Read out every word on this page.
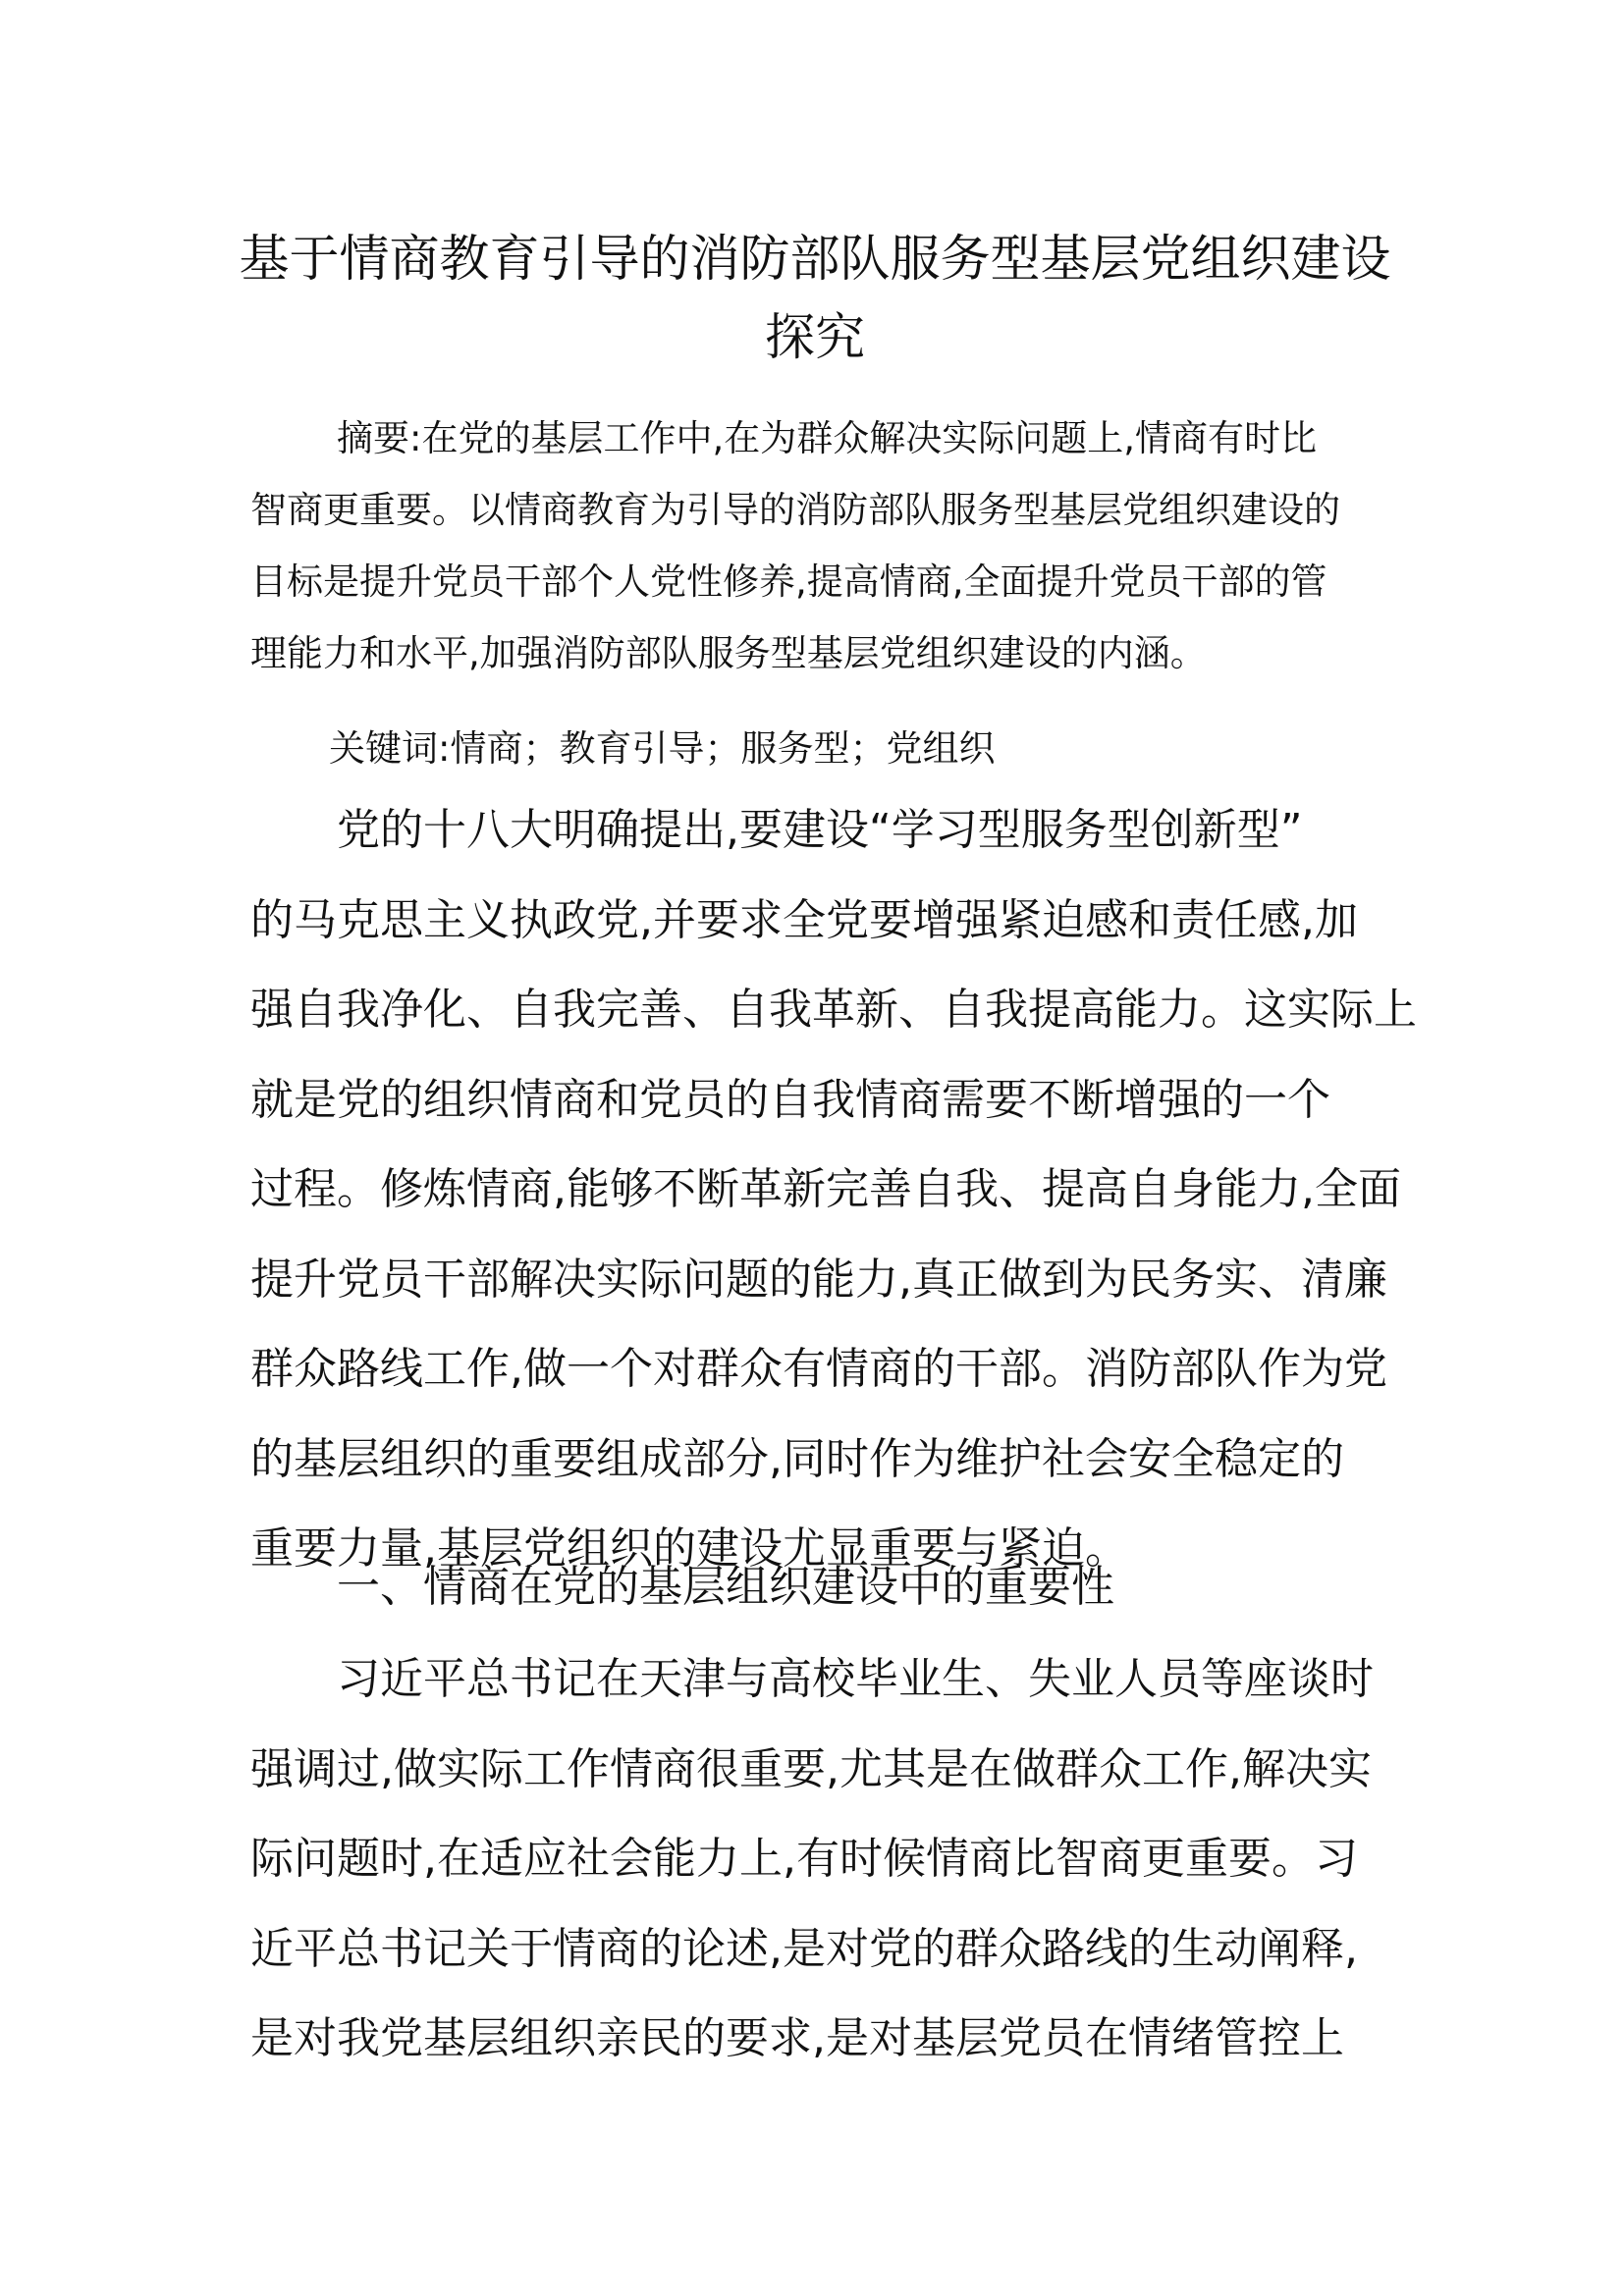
基于情商教育引导的消防部队服务型基层党组织建设
探究
摘要:在党的基层工作中,在为群众解决实际问题上,情商有时比
智商更重要。以情商教育为引导的消防部队服务型基层党组织建设的
目标是提升党员干部个人党性修养,提高情商,全面提升党员干部的管
理能力和水平,加强消防部队服务型基层党组织建设的内涵。
关键词:情商；教育引导；服务型；党组织
党的十八大明确提出,要建设“学习型服务型创新型”
的马克思主义执政党,并要求全党要增强紧迫感和责任感,加
强自我净化、自我完善、自我革新、自我提高能力。这实际上
就是党的组织情商和党员的自我情商需要不断增强的一个
过程。修炼情商,能够不断革新完善自我、提高自身能力,全面
提升党员干部解决实际问题的能力,真正做到为民务实、清廉
群众路线工作,做一个对群众有情商的干部。消防部队作为党
的基层组织的重要组成部分,同时作为维护社会安全稳定的
重要力量,基层党组织的建设尤显重要与紧迫。
一、情商在党的基层组织建设中的重要性
习近平总书记在天津与高校毕业生、失业人员等座谈时
强调过,做实际工作情商很重要,尤其是在做群众工作,解决实
际问题时,在适应社会能力上,有时候情商比智商更重要。习
近平总书记关于情商的论述,是对党的群众路线的生动阐释,
是对我党基层组织亲民的要求,是对基层党员在情绪管控上
